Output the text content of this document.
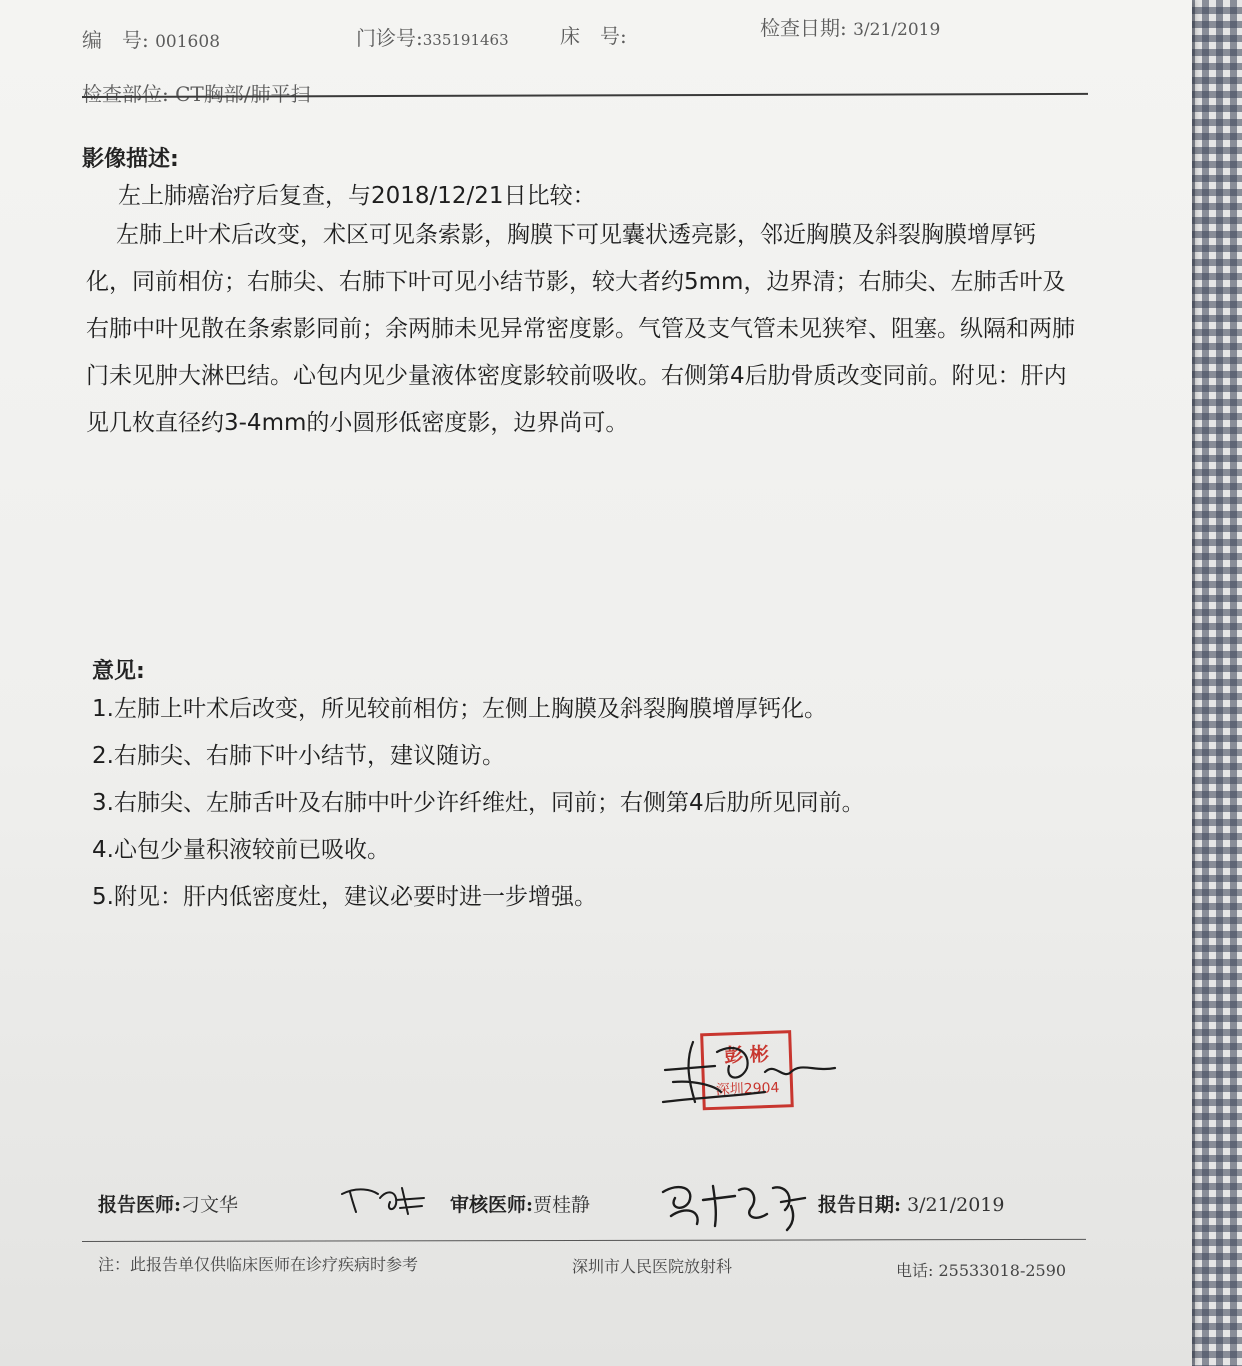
编　号: 001608	门诊号:335191463	床　号:	检查日期: 3/21/2019
检查部位: CT胸部/肺平扫
影像描述:
左上肺癌治疗后复查，与2018/12/21日比较：
左肺上叶术后改变，术区可见条索影，胸膜下可见囊状透亮影，邻近胸膜及斜裂胸膜增厚钙化，同前相仿；右肺尖、右肺下叶可见小结节影，较大者约5mm，边界清；右肺尖、左肺舌叶及右肺中叶见散在条索影同前；余两肺未见异常密度影。气管及支气管未见狭窄、阻塞。纵隔和两肺门未见肿大淋巴结。心包内见少量液体密度影较前吸收。右侧第4后肋骨质改变同前。附见：肝内见几枚直径约3-4mm的小圆形低密度影，边界尚可。
意见:
1.左肺上叶术后改变，所见较前相仿；左侧上胸膜及斜裂胸膜增厚钙化。
2.右肺尖、右肺下叶小结节，建议随访。
3.右肺尖、左肺舌叶及右肺中叶少许纤维灶，同前；右侧第4后肋所见同前。
4.心包少量积液较前已吸收。
5.附见：肝内低密度灶，建议必要时进一步增强。
彭 彬
深圳2904
报告医师:刁文华	审核医师:贾桂静	报告日期: 3/21/2019
注：此报告单仅供临床医师在诊疗疾病时参考	深圳市人民医院放射科	电话: 25533018-2590
